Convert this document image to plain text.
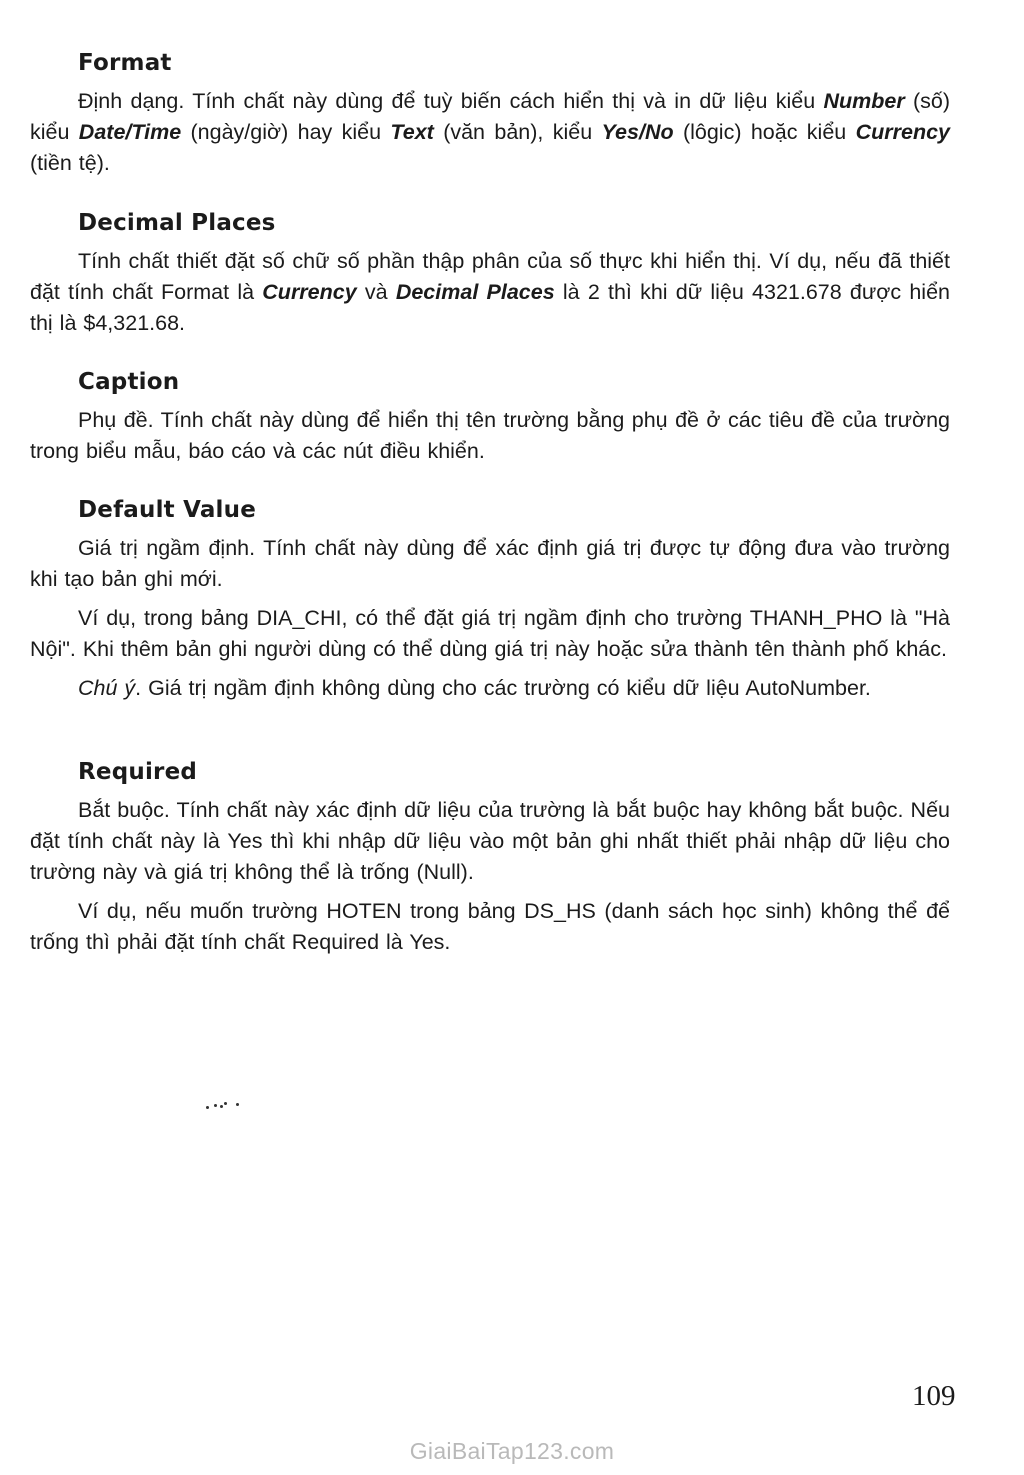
Format

Định dạng. Tính chất này dùng để tuỳ biến cách hiển thị và in dữ liệu kiểu Number (số) kiểu Date/Time (ngày/giờ) hay kiểu Text (văn bản), kiểu Yes/No (lôgic) hoặc kiểu Currency (tiền tệ).

Decimal Places

Tính chất thiết đặt số chữ số phần thập phân của số thực khi hiển thị. Ví dụ, nếu đã thiết đặt tính chất Format là Currency và Decimal Places là 2 thì khi dữ liệu 4321.678 được hiển thị là $4,321.68.

Caption

Phụ đề. Tính chất này dùng để hiển thị tên trường bằng phụ đề ở các tiêu đề của trường trong biểu mẫu, báo cáo và các nút điều khiển.

Default Value

Giá trị ngầm định. Tính chất này dùng để xác định giá trị được tự động đưa vào trường khi tạo bản ghi mới.

Ví dụ, trong bảng DIA_CHI, có thể đặt giá trị ngầm định cho trường THANH_PHO là "Hà Nội". Khi thêm bản ghi người dùng có thể dùng giá trị này hoặc sửa thành tên thành phố khác.

Chú ý. Giá trị ngầm định không dùng cho các trường có kiểu dữ liệu AutoNumber.

Required

Bắt buộc. Tính chất này xác định dữ liệu của trường là bắt buộc hay không bắt buộc. Nếu đặt tính chất này là Yes thì khi nhập dữ liệu vào một bản ghi nhất thiết phải nhập dữ liệu cho trường này và giá trị không thể là trống (Null).

Ví dụ, nếu muốn trường HOTEN trong bảng DS_HS (danh sách học sinh) không thể để trống thì phải đặt tính chất Required là Yes.

109
GiaiBaiTap123.com
